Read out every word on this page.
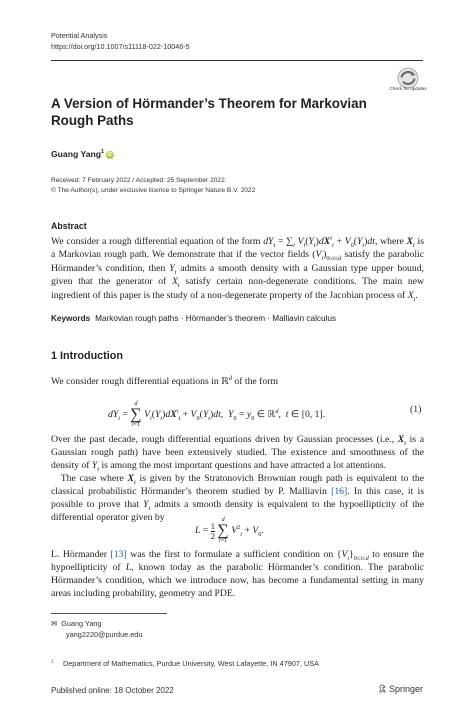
Potential Analysis
https://doi.org/10.1007/s11118-022-10046-5
Check for updates
A Version of Hörmander’s Theorem for Markovian Rough Paths
Guang Yang$^1$ iD
Received: 7 February 2022 / Accepted: 25 September 2022
© The Author(s), under exclusive licence to Springer Nature B.V. 2022
Abstract
We consider a rough differential equation of the form $dY_t = \sum_i$ $V_i(Y_t)dX^i_t + V_0(Y_t)dt$, where $X_t$ is a Markovian rough path. We demonstrate that if the vector fields $(V_i)_{0\le i\le d}$ satisfy the parabolic Hörmander’s condition, then $Y_t$ admits a smooth density with a Gaussian type upper bound, given that the generator of $X_t$ satisfy certain non-degenerate conditions. The main new ingredient of this paper is the study of a non-degenerate property of the Jacobian process of $X_t$.
Keywords Markovian rough paths · Hörmander’s theorem · Malliavin calculus
1 Introduction
We consider rough differential equations in ℝ$^d$ of the form
$dY_t$ =
d
∑
i=1
$V_i(Y_t)dX^i_t + V_0(Y_t)dt$,  $Y_0 = y_0$ ∈ ℝ$^d$,  t ∈ [0, 1].	(1)
Over the past decade, rough differential equations driven by Gaussian processes (i.e., $X_t$ is a Gaussian rough path) have been extensively studied. The existence and smoothness of the density of $Y_t$ is among the most important questions and have attracted a lot attentions.
 The case where $X_t$ is given by the Stratonovich Brownian rough path is equivalent to the classical probabilistic Hörmander’s theorem studied by P. Malliavin [16]. In this case, it is possible to prove that $Y_t$ admits a smooth density is equivalent to the hypoellipticity of the differential operator given by
$L = \frac{1}{2}$

d
∑
i=1
$V^2_i + V_0$.
L. Hörmander [13] was the first to formulate a sufficient condition on $\{V_i\}_{0\le i\le d}$ to ensure the hypoellipticity of L, known today as the parabolic Hörmander’s condition. The parabolic Hörmander’s condition, which we introduce now, has become a fundamental setting in many areas including probability, geometry and PDE.
✉ Guang Yang
yang2220@purdue.edu
$^1$  Department of Mathematics, Purdue University, West Lafayette, IN 47907, USA
Published online: 18 October 2022	Springer
